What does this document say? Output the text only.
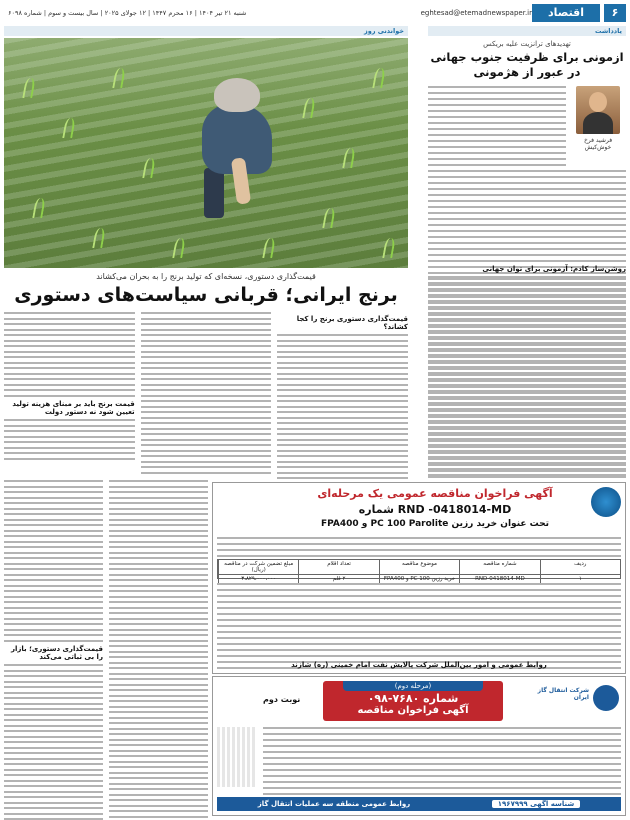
۶
اقتصاد
eghtesad@etemadnewspaper.ir
شنبه ۲۱ تیر ۱۴۰۴ | ۱۶ محرم ۱۴۴۷ | ۱۲ جولای ۲۰۲۵ | سال بیست و سوم | شماره ۶۰۹۸
یادداشت
خواندنی روز
تهدیدهای ترانزیت علیه بریکس
ازمونی برای ظرفیت جنوب جهانی در عبور از هژمونی
فرشید فرخ خوش‌کیش
قیمت‌گذاری دستوری، نسخه‌ای که تولید برنج را به بحران می‌کشاند
برنج ایرانی؛ قربانی سیاست‌های دستوری
روشن‌ساز کادم: آزمونی برای توان جهانی
قیمت‌گذاری دستوری برنج را کجا کشاند؟
قیمت برنج باید بر مبنای هزینه تولید تعیین شود نه دستور دولت
قیمت‌گذاری دستوری؛ بازار را بی ثباتی می‌کند
آگهی فراخوان مناقصه عمومی یک مرحله‌ای
RND -0418014-MD شماره
تحت عنوان خرید رزین PC 100 Parolite و FPA400
ردیف
شماره مناقصه
موضوع مناقصه
تعداد اقلام
مبلغ تضمین شرکت در مناقصه (ریال)
۱
RND-0418014-MD
خرید رزین PC 100 و FPA400
۲ قلم
۳،۸۲۹،۰۰۰،۰۰۰
روابط عمومی و امور بین‌الملل شرکت پالایش نفت امام خمینی (ره) شازند
شرکت انتقال گاز ایران
(مرحله دوم)
شماره ۷۶۸۰-۰۹۸
آگهی فراخوان مناقصه
نوبت دوم
شناسه آگهی ۱۹۶۷۹۹۹
روابط عمومی منطقه سه عملیات انتقال گاز
